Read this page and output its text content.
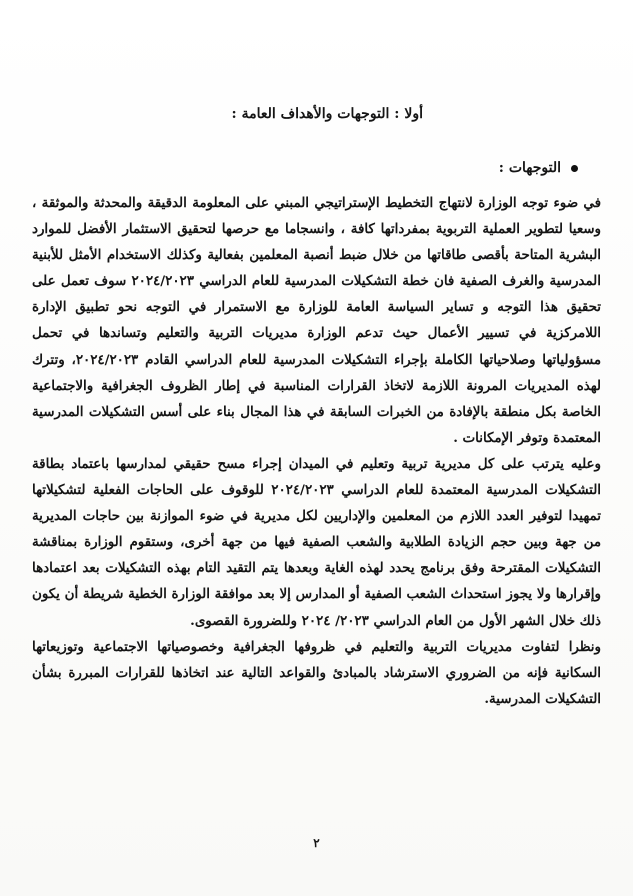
أولا : التوجهات والأهداف العامة :
التوجهات :

في ضوء توجه الوزارة لانتهاج التخطيط الإستراتيجي المبني على المعلومة الدقيقة والمحدثة والموثقة ، وسعيا لتطوير العملية التربوية بمفرداتها كافة ، وانسجاما مع حرصها لتحقيق الاستثمار الأفضل للموارد البشرية المتاحة بأقصى طاقاتها من خلال ضبط أنصبة المعلمين بفعالية وكذلك الاستخدام الأمثل للأبنية المدرسية والغرف الصفية فان خطة التشكيلات المدرسية للعام الدراسي ٢٠٢٤/٢٠٢٣ سوف تعمل على تحقيق هذا التوجه و تساير السياسة العامة للوزارة مع الاستمرار في التوجه نحو تطبيق الإدارة اللامركزية في تسيير الأعمال حيث تدعم الوزارة مديريات التربية والتعليم وتساندها في تحمل مسؤولياتها وصلاحياتها الكاملة بإجراء التشكيلات المدرسية للعام الدراسي القادم ٢٠٢٤/٢٠٢٣، وتترك لهذه المديريات المرونة اللازمة لاتخاذ القرارات المناسبة في إطار الظروف الجغرافية والاجتماعية الخاصة بكل منطقة بالإفادة من الخبرات السابقة في هذا المجال بناء على أسس التشكيلات المدرسية المعتمدة وتوفر الإمكانات .

وعليه يترتب على كل مديرية تربية وتعليم في الميدان إجراء مسح حقيقي لمدارسها باعتماد بطاقة التشكيلات المدرسية المعتمدة للعام الدراسي ٢٠٢٤/٢٠٢٣ للوقوف على الحاجات الفعلية لتشكيلاتها تمهيدا لتوفير العدد اللازم من المعلمين والإداريين لكل مديرية في ضوء الموازنة بين حاجات المديرية من جهة وبين حجم الزيادة الطلابية والشعب الصفية فيها من جهة أخرى، وستقوم الوزارة بمناقشة التشكيلات المقترحة وفق برنامج يحدد لهذه الغاية وبعدها يتم التقيد التام بهذه التشكيلات بعد اعتمادها وإقرارها ولا يجوز استحداث الشعب الصفية أو المدارس إلا بعد موافقة الوزارة الخطية شريطة أن يكون ذلك خلال الشهر الأول من العام الدراسي ٢٠٢٣/ ٢٠٢٤ وللضرورة القصوى.

ونظرا لتفاوت مديريات التربية والتعليم في ظروفها الجغرافية وخصوصياتها الاجتماعية وتوزيعاتها السكانية فإنه من الضروري الاسترشاد بالمبادئ والقواعد التالية عند اتخاذها للقرارات المبررة بشأن التشكيلات المدرسية.

٢
